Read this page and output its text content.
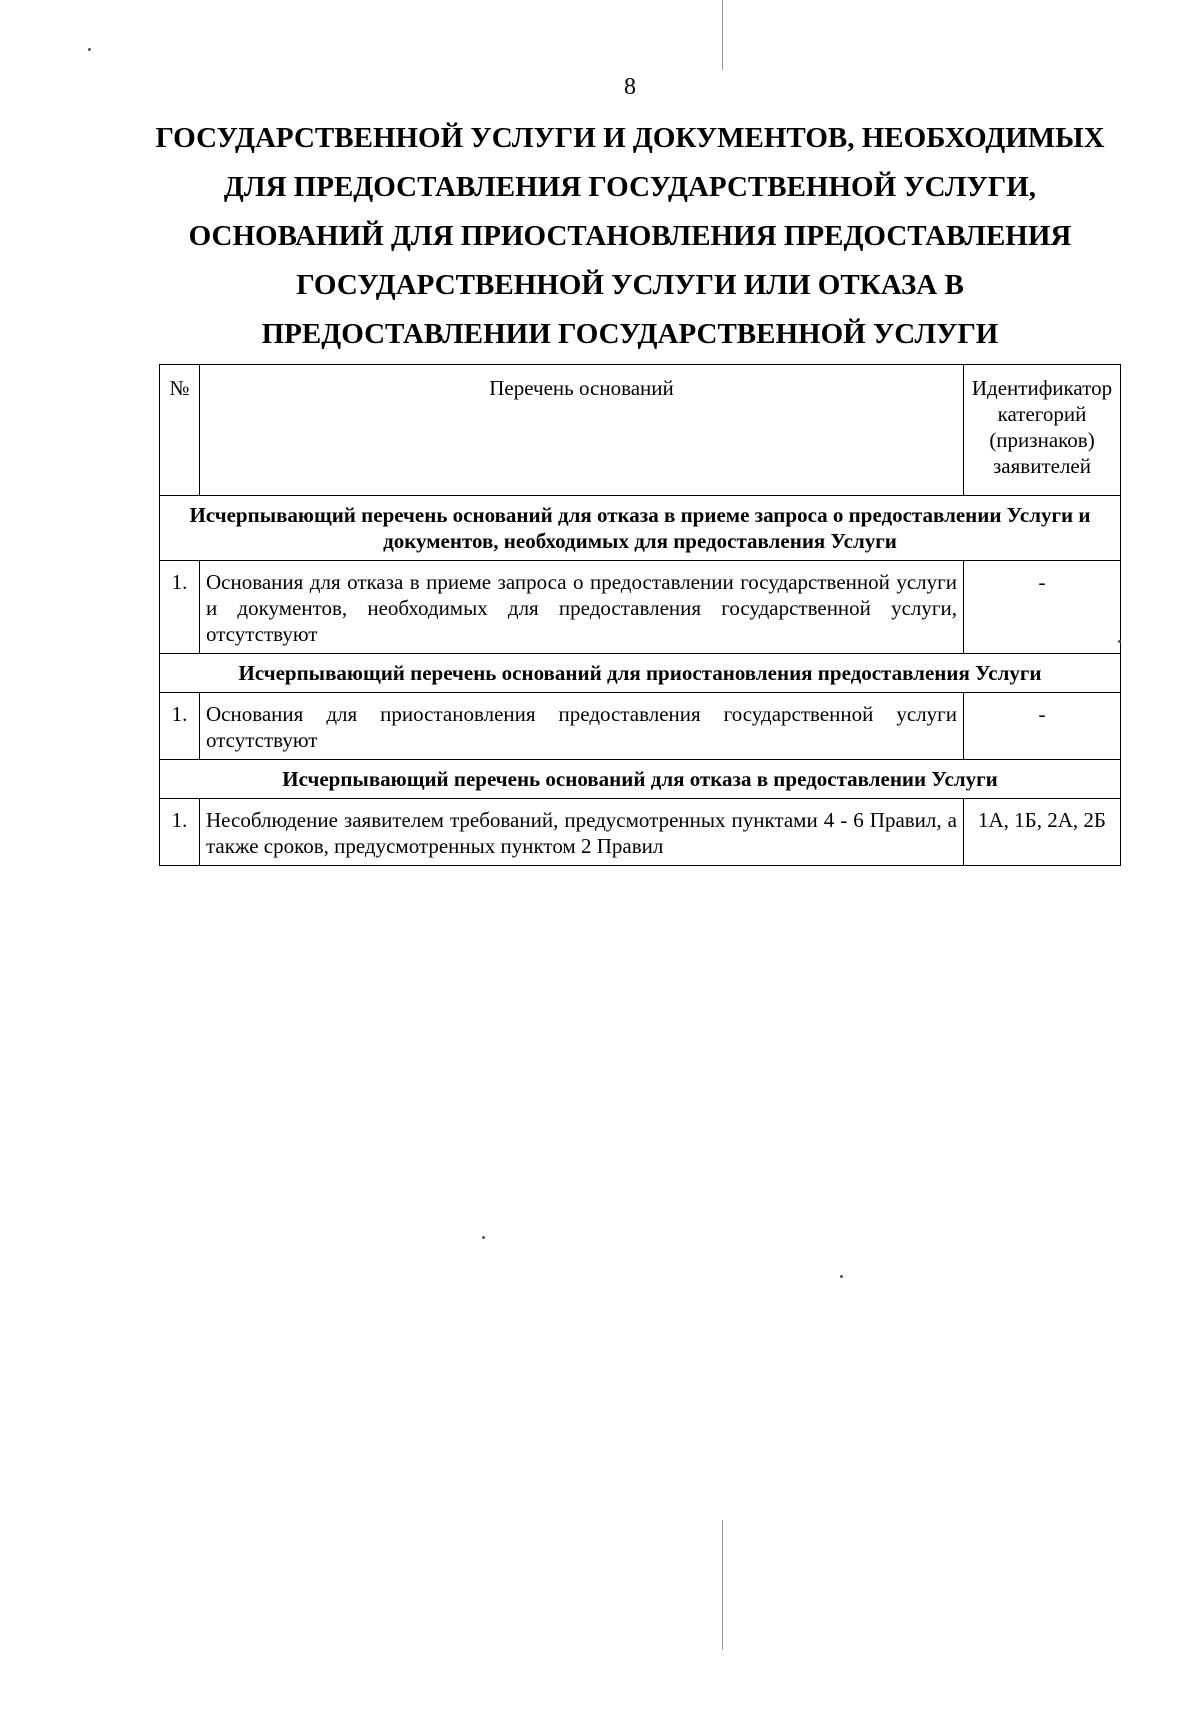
8
ГОСУДАРСТВЕННОЙ УСЛУГИ И ДОКУМЕНТОВ, НЕОБХОДИМЫХ
ДЛЯ ПРЕДОСТАВЛЕНИЯ ГОСУДАРСТВЕННОЙ УСЛУГИ,
ОСНОВАНИЙ ДЛЯ ПРИОСТАНОВЛЕНИЯ ПРЕДОСТАВЛЕНИЯ
ГОСУДАРСТВЕННОЙ УСЛУГИ ИЛИ ОТКАЗА В
ПРЕДОСТАВЛЕНИИ ГОСУДАРСТВЕННОЙ УСЛУГИ
№	Перечень оснований	Идентификатор категорий (признаков) заявителей
Исчерпывающий перечень оснований для отказа в приеме запроса о предоставлении Услуги и документов, необходимых для предоставления Услуги		
1.	Основания для отказа в приеме запроса о предоставлении государственной услуги и документов, необходимых для предоставления государственной услуги, отсутствуют	-
Исчерпывающий перечень оснований для приостановления предоставления Услуги		
1.	Основания для приостановления предоставления государственной услуги отсутствуют	-
Исчерпывающий перечень оснований для отказа в предоставлении Услуги		
1.	Несоблюдение заявителем требований, предусмотренных пунктами 4 - 6 Правил, а также сроков, предусмотренных пунктом 2 Правил	1А, 1Б, 2А, 2Б
